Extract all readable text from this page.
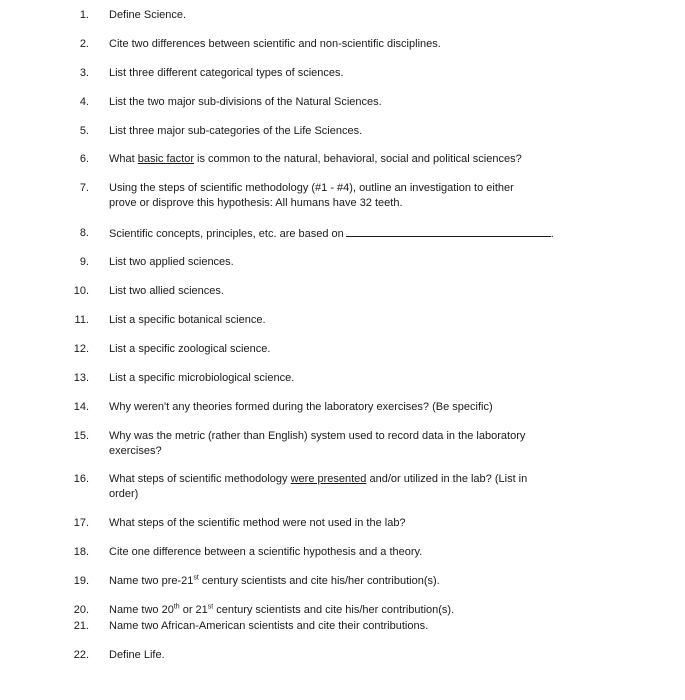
1. Define Science.
2. Cite two differences between scientific and non-scientific disciplines.
3. List three different categorical types of sciences.
4. List the two major sub-divisions of the Natural Sciences.
5. List three major sub-categories of the Life Sciences.
6. What basic factor is common to the natural, behavioral, social and political sciences?
7. Using the steps of scientific methodology (#1 - #4), outline an investigation to either
prove or disprove this hypothesis: All humans have 32 teeth.
8. Scientific concepts, principles, etc. are based on	.
9. List two applied sciences.
10. List two allied sciences.
11. List a specific botanical science.
12. List a specific zoological science.
13. List a specific microbiological science.
14. Why weren't any theories formed during the laboratory exercises? (Be specific)
15. Why was the metric (rather than English) system used to record data in the laboratory
exercises?
16. What steps of scientific methodology were presented and/or utilized in the lab? (List in
order)
17. What steps of the scientific method were not used in the lab?
18. Cite one difference between a scientific hypothesis and a theory.
19. Name two pre-21st century scientists and cite his/her contribution(s).
20. Name two 20th or 21st century scientists and cite his/her contribution(s).
21. Name two African-American scientists and cite their contributions.
22. Define Life.
